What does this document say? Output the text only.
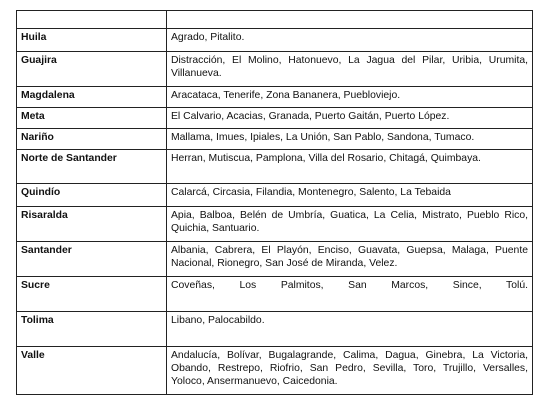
Huila	Agrado, Pitalito.
Guajira	Distracción, El Molino, Hatonuevo, La Jagua del Pilar, Uribia, Urumita, Villanueva.
Magdalena	Aracataca, Tenerife, Zona Bananera, Puebloviejo.
Meta	El Calvario, Acacias, Granada, Puerto Gaitán, Puerto López.
Nariño	Mallama, Imues, Ipiales, La Unión, San Pablo, Sandona, Tumaco.
Norte de Santander	Herran, Mutiscua, Pamplona, Villa del Rosario, Chitagá, Quimbaya.
Quindío	Calarcá, Circasia, Filandia, Montenegro, Salento, La Tebaida
Risaralda	Apia, Balboa, Belén de Umbría, Guatica, La Celia, Mistrato, Pueblo Rico, Quichia, Santuario.
Santander	Albania, Cabrera, El Playón, Enciso, Guavata, Guepsa, Malaga, Puente Nacional, Rionegro, San José de Miranda, Velez.
Sucre	Coveñas, Los Palmitos, San Marcos, Since, Tolú.
Tolima	Libano, Palocabildo.
Valle	Andalucía, Bolívar, Bugalagrande, Calima, Dagua, Ginebra, La Victoria, Obando, Restrepo, Riofrio, San Pedro, Sevilla, Toro, Trujillo, Versalles, Yoloco, Ansermanuevo, Caicedonia.
